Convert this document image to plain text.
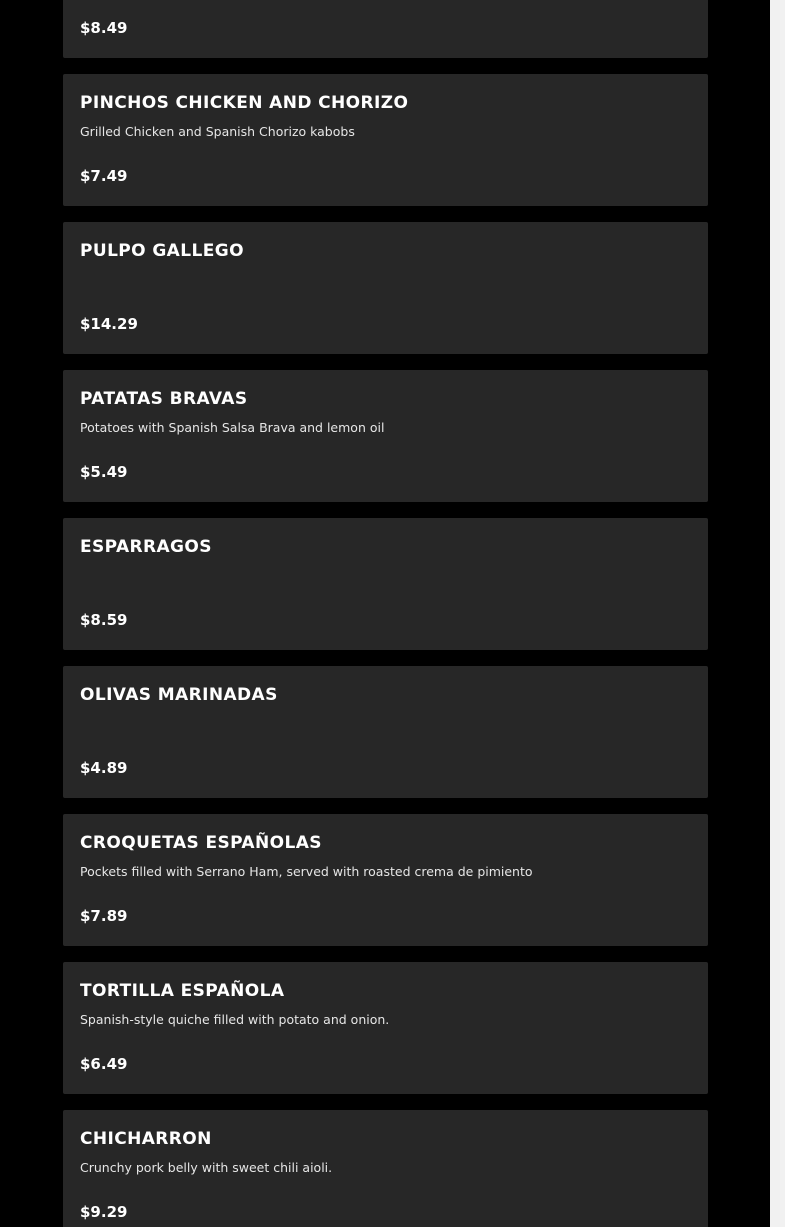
$8.49
PINCHOS CHICKEN AND CHORIZO
Grilled Chicken and Spanish Chorizo kabobs
$7.49
PULPO GALLEGO
$14.29
PATATAS BRAVAS
Potatoes with Spanish Salsa Brava and lemon oil
$5.49
ESPARRAGOS
$8.59
OLIVAS MARINADAS
$4.89
CROQUETAS ESPAÑOLAS
Pockets filled with Serrano Ham, served with roasted crema de pimiento
$7.89
TORTILLA ESPAÑOLA
Spanish-style quiche filled with potato and onion.
$6.49
CHICHARRON
Crunchy pork belly with sweet chili aioli.
$9.29
